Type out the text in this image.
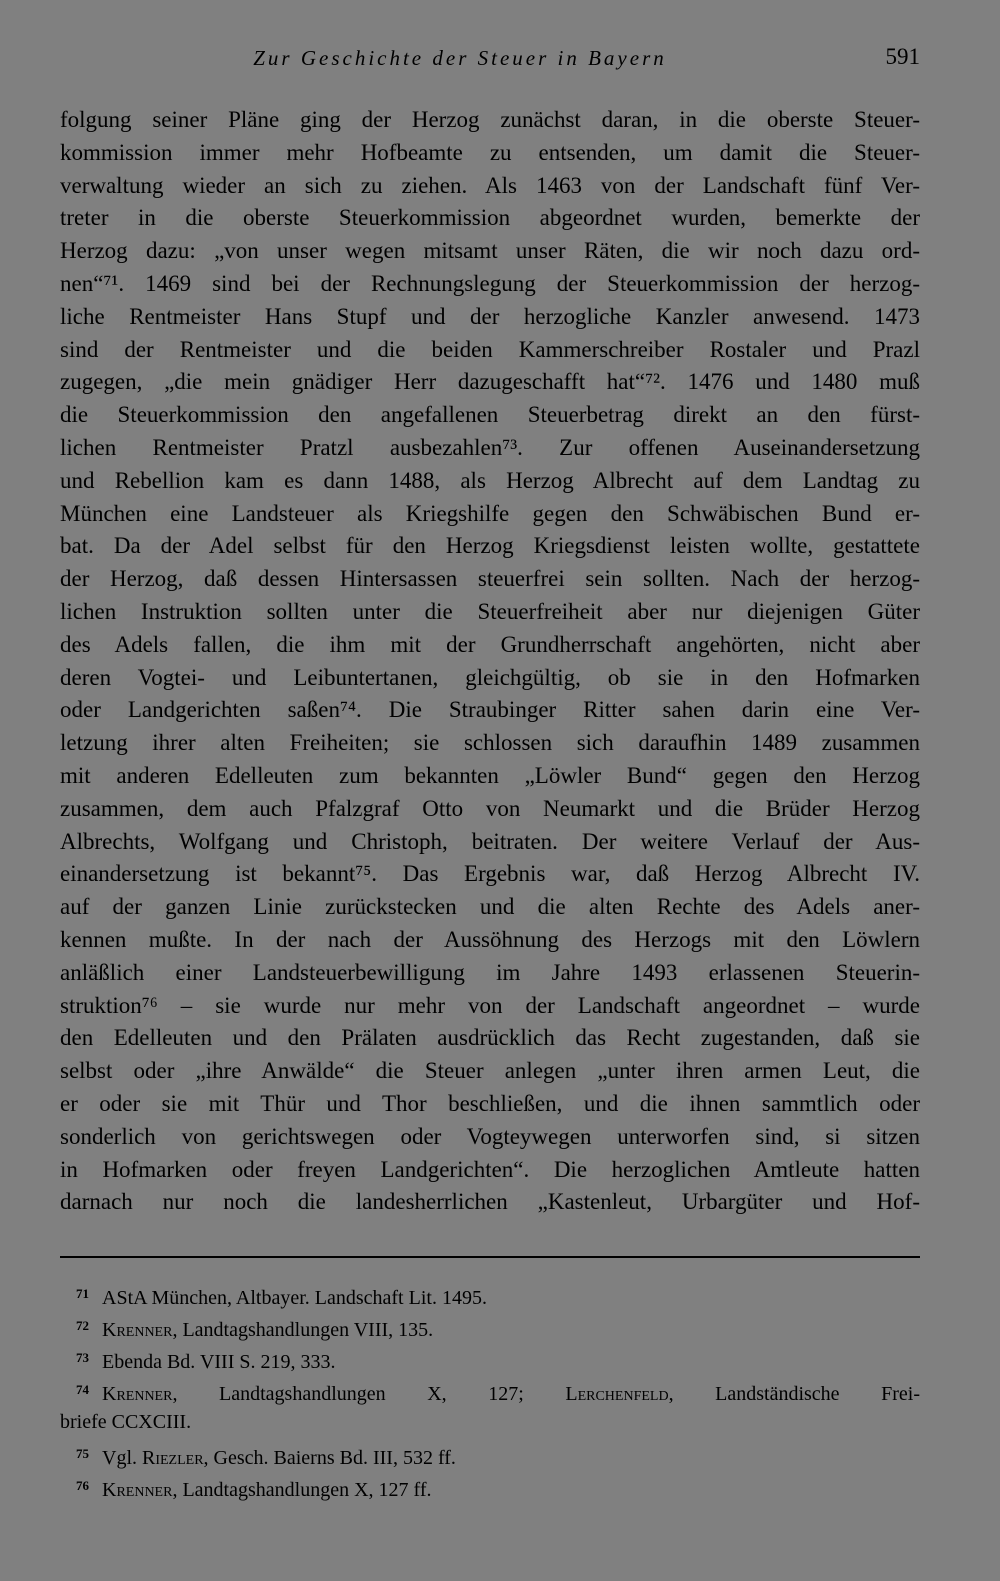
Zur Geschichte der Steuer in Bayern	591
folgung seiner Pläne ging der Herzog zunächst daran, in die oberste Steuer-
kommission immer mehr Hofbeamte zu entsenden, um damit die Steuer-
verwaltung wieder an sich zu ziehen. Als 1463 von der Landschaft fünf Ver-
treter in die oberste Steuerkommission abgeordnet wurden, bemerkte der
Herzog dazu: „von unser wegen mitsamt unser Räten, die wir noch dazu ord-
nen“⁷¹. 1469 sind bei der Rechnungslegung der Steuerkommission der herzog-
liche Rentmeister Hans Stupf und der herzogliche Kanzler anwesend. 1473
sind der Rentmeister und die beiden Kammerschreiber Rostaler und Prazl
zugegen, „die mein gnädiger Herr dazugeschafft hat“⁷². 1476 und 1480 muß
die Steuerkommission den angefallenen Steuerbetrag direkt an den fürst-
lichen Rentmeister Pratzl ausbezahlen⁷³. Zur offenen Auseinandersetzung
und Rebellion kam es dann 1488, als Herzog Albrecht auf dem Landtag zu
München eine Landsteuer als Kriegshilfe gegen den Schwäbischen Bund er-
bat. Da der Adel selbst für den Herzog Kriegsdienst leisten wollte, gestattete
der Herzog, daß dessen Hintersassen steuerfrei sein sollten. Nach der herzog-
lichen Instruktion sollten unter die Steuerfreiheit aber nur diejenigen Güter
des Adels fallen, die ihm mit der Grundherrschaft angehörten, nicht aber
deren Vogtei- und Leibuntertanen, gleichgültig, ob sie in den Hofmarken
oder Landgerichten saßen⁷⁴. Die Straubinger Ritter sahen darin eine Ver-
letzung ihrer alten Freiheiten; sie schlossen sich daraufhin 1489 zusammen
mit anderen Edelleuten zum bekannten „Löwler Bund“ gegen den Herzog
zusammen, dem auch Pfalzgraf Otto von Neumarkt und die Brüder Herzog
Albrechts, Wolfgang und Christoph, beitraten. Der weitere Verlauf der Aus-
einandersetzung ist bekannt⁷⁵. Das Ergebnis war, daß Herzog Albrecht IV.
auf der ganzen Linie zurückstecken und die alten Rechte des Adels aner-
kennen mußte. In der nach der Aussöhnung des Herzogs mit den Löwlern
anläßlich einer Landsteuerbewilligung im Jahre 1493 erlassenen Steuerin-
struktion⁷⁶ – sie wurde nur mehr von der Landschaft angeordnet – wurde
den Edelleuten und den Prälaten ausdrücklich das Recht zugestanden, daß sie
selbst oder „ihre Anwälde“ die Steuer anlegen „unter ihren armen Leut, die
er oder sie mit Thür und Thor beschließen, und die ihnen sammtlich oder
sonderlich von gerichtswegen oder Vogteywegen unterworfen sind, si sitzen
in Hofmarken oder freyen Landgerichten“. Die herzoglichen Amtleute hatten
darnach nur noch die landesherrlichen „Kastenleut, Urbargüter und Hof-
71 AStA München, Altbayer. Landschaft Lit. 1495.
72 Krenner, Landtagshandlungen VIII, 135.
73 Ebenda Bd. VIII S. 219, 333.
74 Krenner, Landtagshandlungen X, 127; Lerchenfeld, Landständische Frei-
briefe CCXCIII.
75 Vgl. Riezler, Gesch. Baierns Bd. III, 532 ff.
76 Krenner, Landtagshandlungen X, 127 ff.
